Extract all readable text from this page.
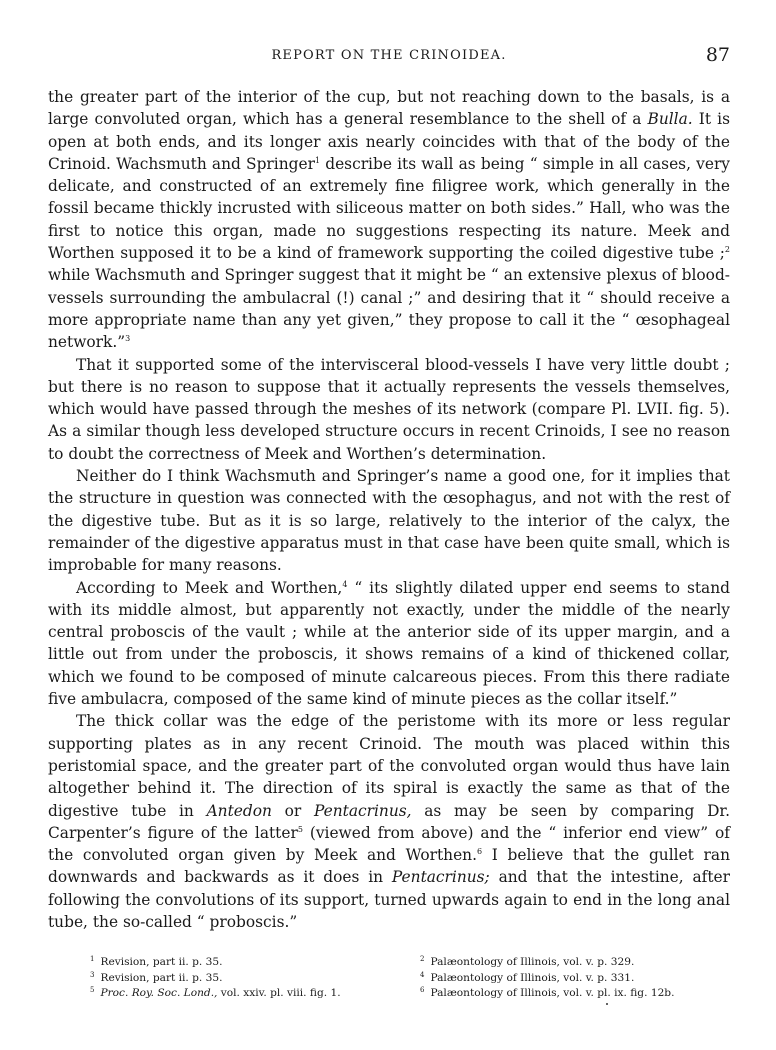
REPORT ON THE CRINOIDEA.	87

the greater part of the interior of the cup, but not reaching down to the basals, is a large convoluted organ, which has a general resemblance to the shell of a Bulla. It is open at both ends, and its longer axis nearly coincides with that of the body of the Crinoid. Wachsmuth and Springer$^1$ describe its wall as being “ simple in all cases, very delicate, and constructed of an extremely fine filigree work, which generally in the fossil became thickly incrusted with siliceous matter on both sides.” Hall, who was the first to notice this organ, made no suggestions respecting its nature. Meek and Worthen supposed it to be a kind of framework supporting the coiled digestive tube ;$^2$ while Wachsmuth and Springer suggest that it might be “ an extensive plexus of blood-vessels surrounding the ambulacral (!) canal ;” and desiring that it “ should receive a more appropriate name than any yet given,” they propose to call it the “ œsophageal network.”$^3$

That it supported some of the intervisceral blood-vessels I have very little doubt ; but there is no reason to suppose that it actually represents the vessels themselves, which would have passed through the meshes of its network (compare Pl. LVII. fig. 5). As a similar though less developed structure occurs in recent Crinoids, I see no reason to doubt the correctness of Meek and Worthen’s determination.

Neither do I think Wachsmuth and Springer’s name a good one, for it implies that the structure in question was connected with the œsophagus, and not with the rest of the digestive tube. But as it is so large, relatively to the interior of the calyx, the remainder of the digestive apparatus must in that case have been quite small, which is improbable for many reasons.

According to Meek and Worthen,$^4$ “ its slightly dilated upper end seems to stand with its middle almost, but apparently not exactly, under the middle of the nearly central proboscis of the vault ; while at the anterior side of its upper margin, and a little out from under the proboscis, it shows remains of a kind of thickened collar, which we found to be composed of minute calcareous pieces. From this there radiate five ambulacra, composed of the same kind of minute pieces as the collar itself.”

The thick collar was the edge of the peristome with its more or less regular supporting plates as in any recent Crinoid. The mouth was placed within this peristomial space, and the greater part of the convoluted organ would thus have lain altogether behind it. The direction of its spiral is exactly the same as that of the digestive tube in Antedon or Pentacrinus, as may be seen by comparing Dr. Carpenter’s figure of the latter$^5$ (viewed from above) and the “ inferior end view” of the convoluted organ given by Meek and Worthen.$^6$ I believe that the gullet ran downwards and backwards as it does in Pentacrinus; and that the intestine, after following the convolutions of its support, turned upwards again to end in the long anal tube, the so-called “ proboscis.”

$^1$ Revision, part ii. p. 35.	$^2$ Palæontology of Illinois, vol. v. p. 329.
$^3$ Revision, part ii. p. 35.	$^4$ Palæontology of Illinois, vol. v. p. 331.
$^5$ Proc. Roy. Soc. Lond., vol. xxiv. pl. viii. fig. 1.	$^6$ Palæontology of Illinois, vol. v. pl. ix. fig. 12b.
